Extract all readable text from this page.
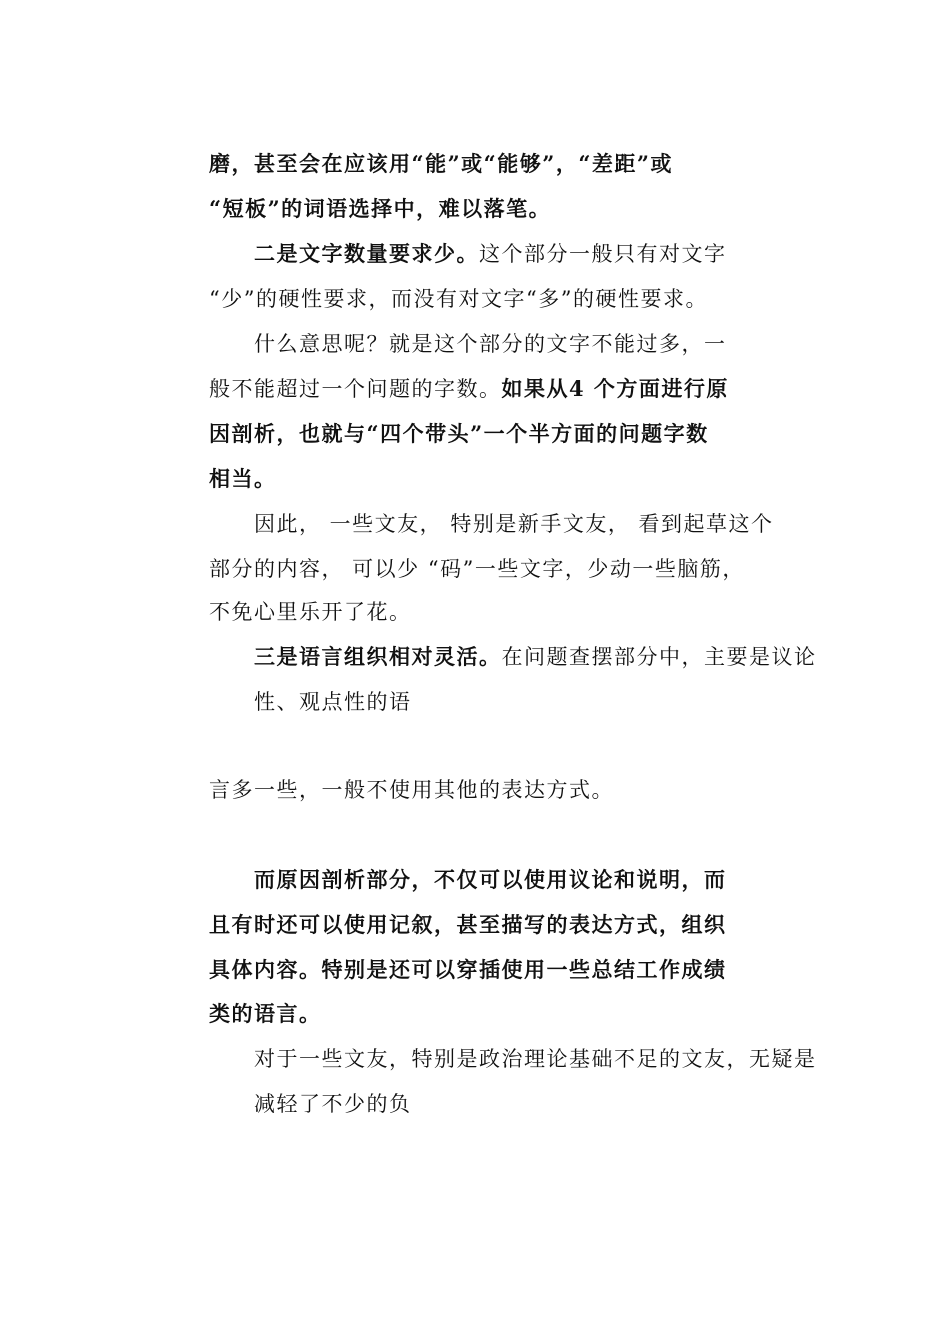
磨，甚至会在应该用“能”或“能够”，“差距”或
“短板”的词语选择中，难以落笔。
二是文字数量要求少。这个部分一般只有对文字
“少”的硬性要求，而没有对文字“多”的硬性要求。
什么意思呢？就是这个部分的文字不能过多，一
般不能超过一个问题的字数。如果从4 个方面进行原
因剖析，也就与“四个带头”一个半方面的问题字数
相当。
因此， 一些文友， 特别是新手文友， 看到起草这个
部分的内容， 可以少 “码”一些文字，少动一些脑筋，
不免心里乐开了花。
三是语言组织相对灵活。在问题查摆部分中，主要是议论
性、观点性的语
言多一些，一般不使用其他的表达方式。
而原因剖析部分，不仅可以使用议论和说明，而
且有时还可以使用记叙，甚至描写的表达方式，组织
具体内容。特别是还可以穿插使用一些总结工作成绩
类的语言。
对于一些文友，特别是政治理论基础不足的文友，无疑是
减轻了不少的负
